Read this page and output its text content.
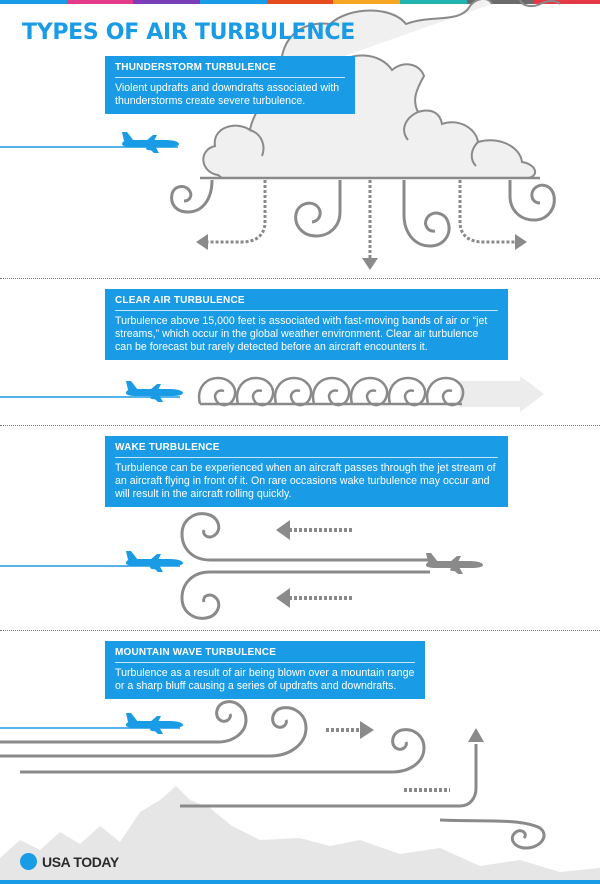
TYPES OF AIR TURBULENCE
THUNDERSTORM TURBULENCE
Violent updrafts and downdrafts associated with thunderstorms create severe turbulence.
CLEAR AIR TURBULENCE
Turbulence above 15,000 feet is associated with fast-moving bands of air or “jet streams,” which occur in the global weather environment. Clear air turbulence can be forecast but rarely detected before an aircraft encounters it.
WAKE TURBULENCE
Turbulence can be experienced when an aircraft passes through the jet stream of an aircraft flying in front of it. On rare occasions wake turbulence may occur and will result in the aircraft rolling quickly.
MOUNTAIN WAVE TURBULENCE
Turbulence as a result of air being blown over a mountain range or a sharp bluff causing a series of updrafts and downdrafts.
USA TODAY
